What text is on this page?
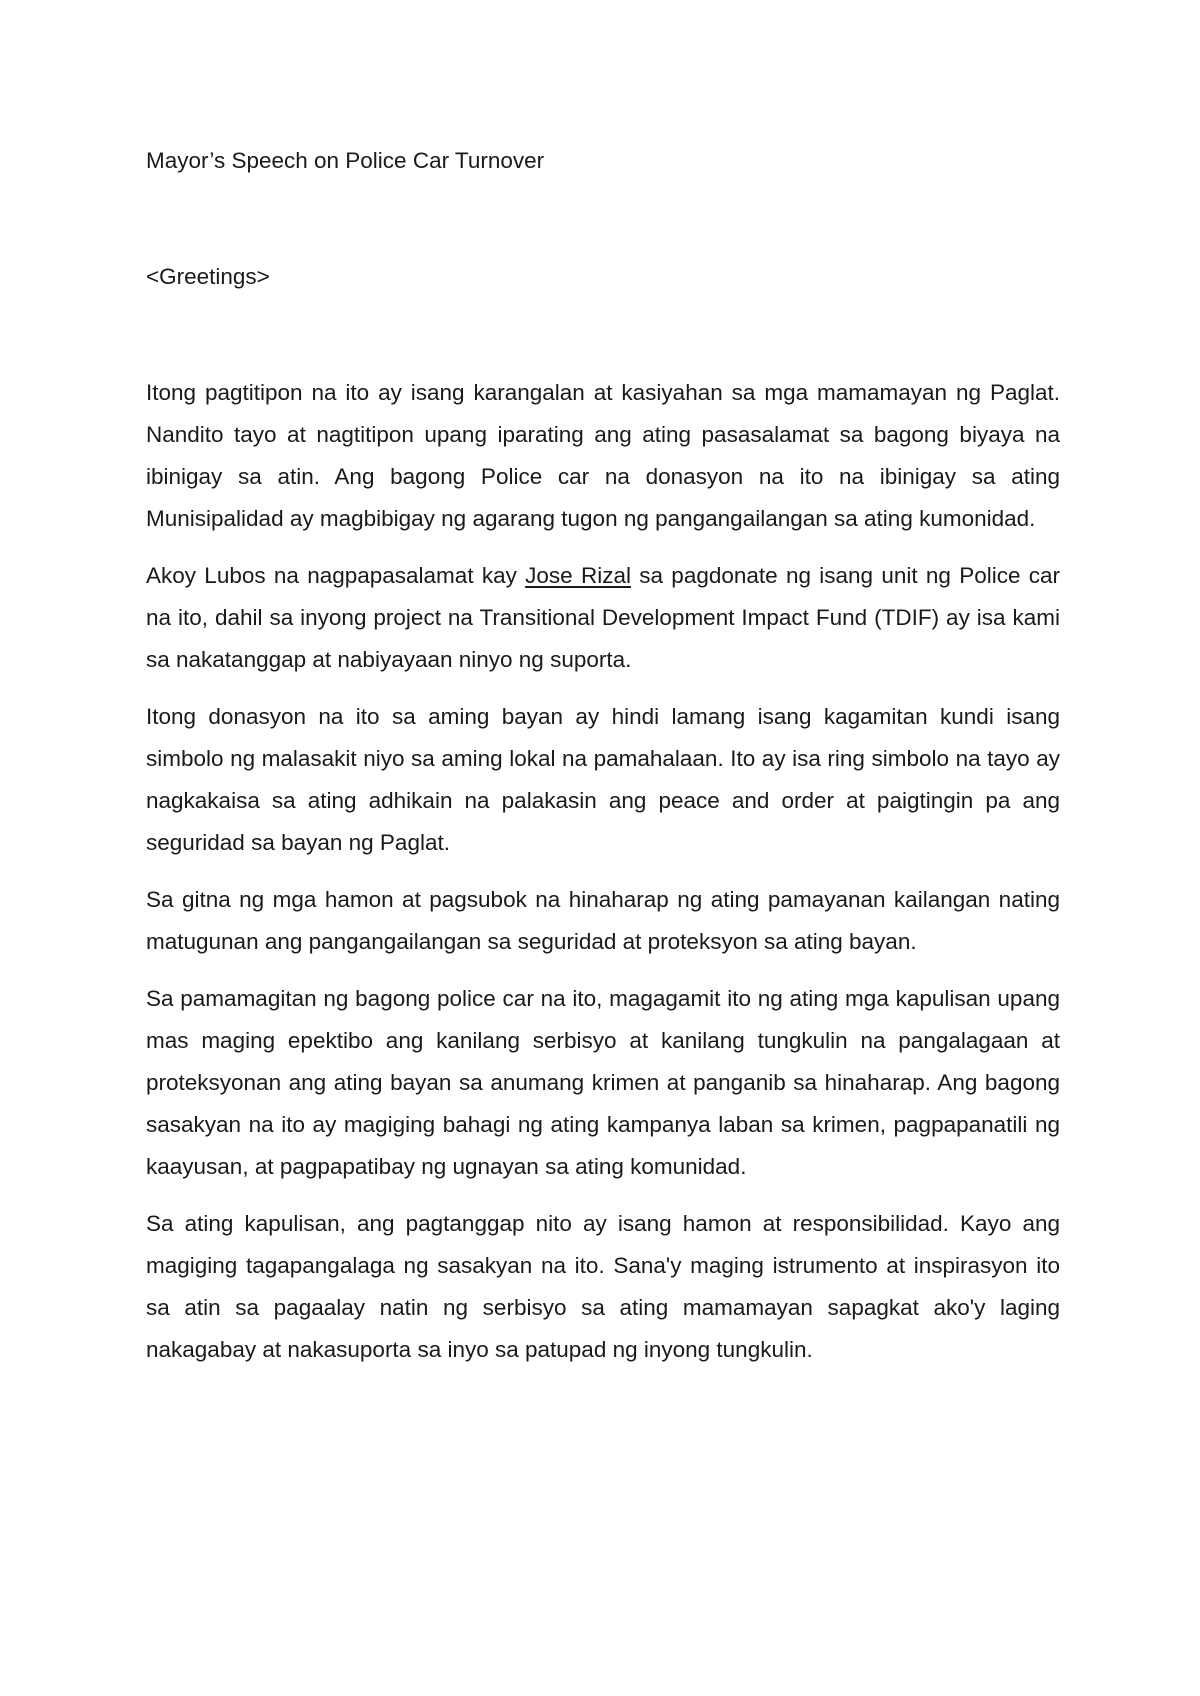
Mayor’s Speech on Police Car Turnover

<Greetings>

Itong pagtitipon na ito ay isang karangalan at kasiyahan sa mga mamamayan ng Paglat. Nandito tayo at nagtitipon upang iparating ang ating pasasalamat sa bagong biyaya na ibinigay sa atin. Ang bagong Police car na donasyon na ito na ibinigay sa ating Munisipalidad ay magbibigay ng agarang tugon ng pangangailangan sa ating kumonidad.

Akoy Lubos na nagpapasalamat kay Jose Rizal sa pagdonate ng isang unit ng Police car na ito, dahil sa inyong project na Transitional Development Impact Fund (TDIF) ay isa kami sa nakatanggap at nabiyayaan ninyo ng suporta.

Itong donasyon na ito sa aming bayan ay hindi lamang isang kagamitan kundi isang simbolo ng malasakit niyo sa aming lokal na pamahalaan. Ito ay isa ring simbolo na tayo ay nagkakaisa sa ating adhikain na palakasin ang peace and order at paigtingin pa ang seguridad sa bayan ng Paglat.

Sa gitna ng mga hamon at pagsubok na hinaharap ng ating pamayanan kailangan nating matugunan ang pangangailangan sa seguridad at proteksyon sa ating bayan.

Sa pamamagitan ng bagong police car na ito, magagamit ito ng ating mga kapulisan upang mas maging epektibo ang kanilang serbisyo at kanilang tungkulin na pangalagaan at proteksyonan ang ating bayan sa anumang krimen at panganib sa hinaharap. Ang bagong sasakyan na ito ay magiging bahagi ng ating kampanya laban sa krimen, pagpapanatili ng kaayusan, at pagpapatibay ng ugnayan sa ating komunidad.

Sa ating kapulisan, ang pagtanggap nito ay isang hamon at responsibilidad. Kayo ang magiging tagapangalaga ng sasakyan na ito. Sana'y maging istrumento at inspirasyon ito sa atin sa pagaalay natin ng serbisyo sa ating mamamayan sapagkat ako'y laging nakagabay at nakasuporta sa inyo sa patupad ng inyong tungkulin.
